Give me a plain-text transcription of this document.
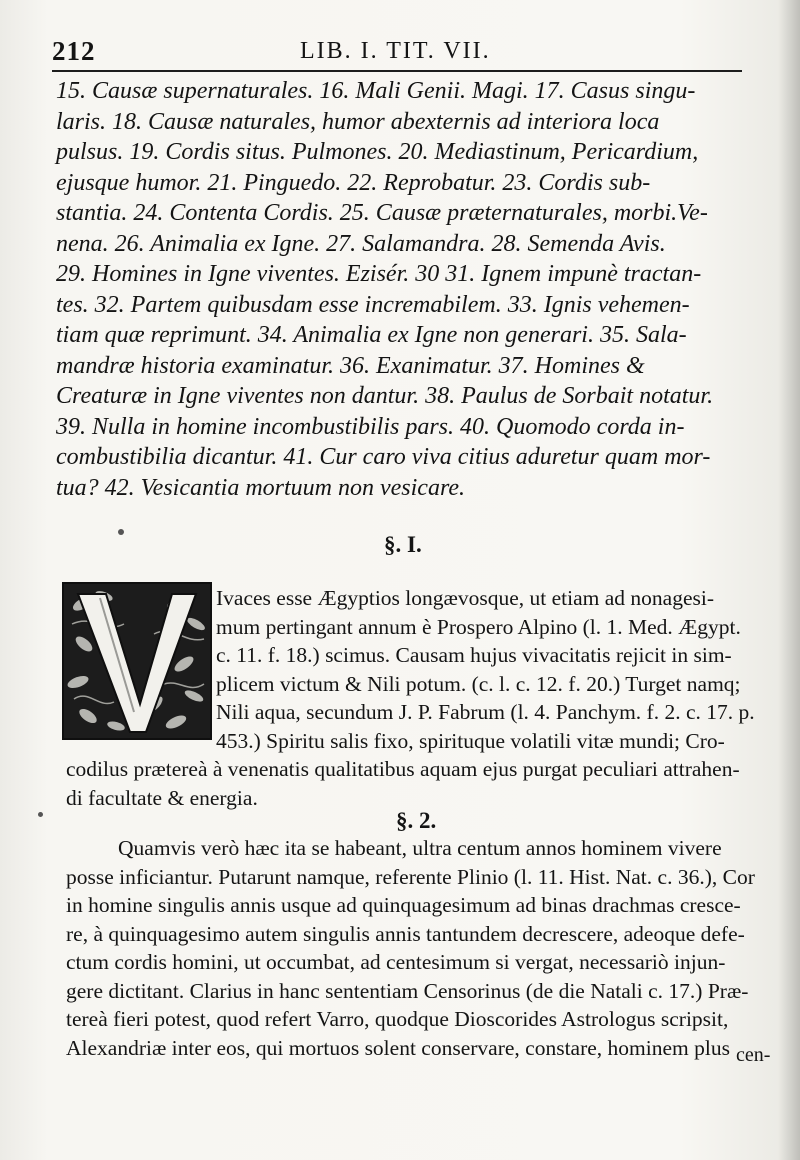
212	LIB. I. TIT. VII.
15. Causæ supernaturales. 16. Mali Genii. Magi. 17. Casus singu-
laris. 18. Causæ naturales, humor abexternis ad interiora loca
pulsus. 19. Cordis situs. Pulmones. 20. Mediastinum, Pericardium,
ejusque humor. 21. Pinguedo. 22. Reprobatur. 23. Cordis sub-
stantia. 24. Contenta Cordis. 25. Causæ præternaturales, morbi.Ve-
nena. 26. Animalia ex Igne. 27. Salamandra. 28. Semenda Avis.
29. Homines in Igne viventes. Ezisér. 30 31. Ignem impunè tractan-
tes. 32. Partem quibusdam esse incremabilem. 33. Ignis vehemen-
tiam quæ reprimunt. 34. Animalia ex Igne non generari. 35. Sala-
mandræ historia examinatur. 36. Exanimatur. 37. Homines &
Creaturæ in Igne viventes non dantur. 38. Paulus de Sorbait notatur.
39. Nulla in homine incombustibilis pars. 40. Quomodo corda in-
combustibilia dicantur. 41. Cur caro viva citius aduretur quam mor-
tua? 42. Vesicantia mortuum non vesicare.
§. I.
Ivaces esse Ægyptios longævosque, ut etiam ad nonagesi-
mum pertingant annum è Prospero Alpino (l. 1. Med. Ægypt.
c. 11. f. 18.) scimus. Causam hujus vivacitatis rejicit in sim-
plicem victum & Nili potum. (c. l. c. 12. f. 20.) Turget namq;
Nili aqua, secundum J. P. Fabrum (l. 4. Panchym. f. 2. c. 17. p.
453.) Spiritu salis fixo, spirituque volatili vitæ mundi; Cro-
codilus prætereà à venenatis qualitatibus aquam ejus purgat peculiari attrahen-
di facultate & energia.
§. 2.
Quamvis verò hæc ita se habeant, ultra centum annos hominem vivere
posse inficiantur. Putarunt namque, referente Plinio (l. 11. Hist. Nat. c. 36.), Cor
in homine singulis annis usque ad quinquagesimum ad binas drachmas cresce-
re, à quinquagesimo autem singulis annis tantundem decrescere, adeoque defe-
ctum cordis homini, ut occumbat, ad centesimum si vergat, necessariò injun-
gere dictitant. Clarius in hanc sententiam Censorinus (de die Natali c. 17.) Præ-
tereà fieri potest, quod refert Varro, quodque Dioscorides Astrologus scripsit,
Alexandriæ inter eos, qui mortuos solent conservare, constare, hominem plus cen-
